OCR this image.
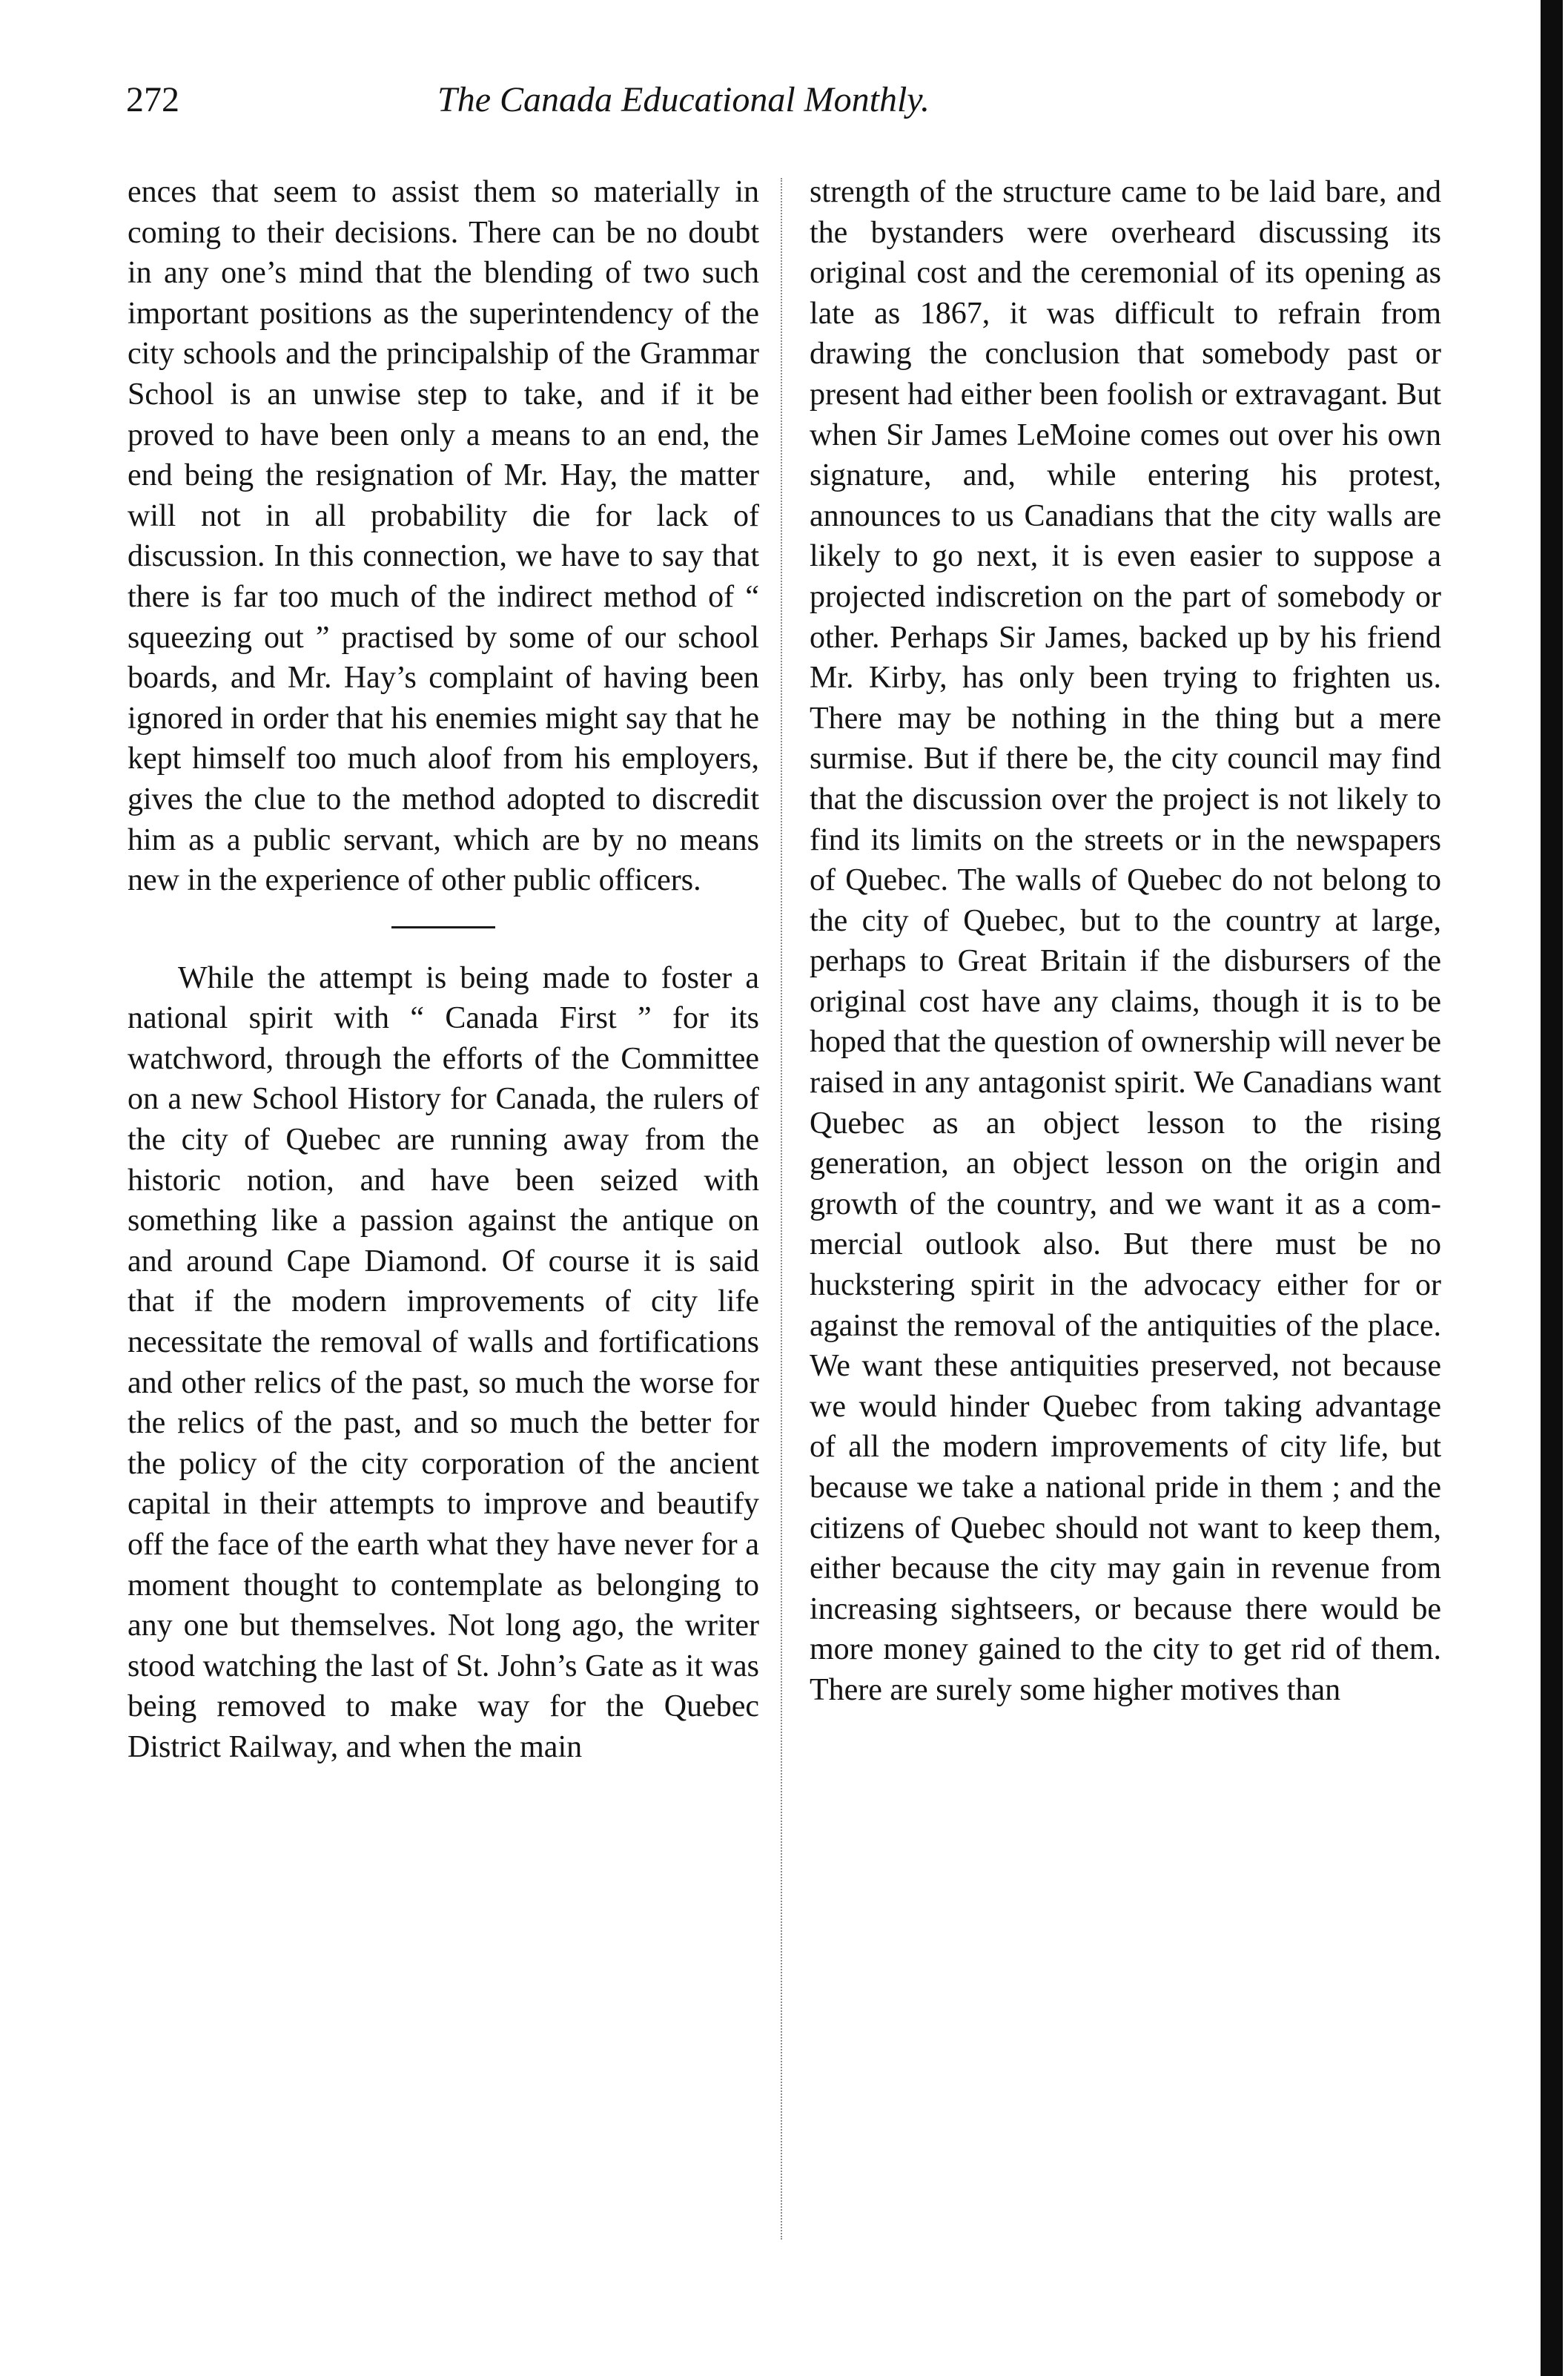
272	The Canada Educational Monthly.

ences that seem to assist them so materially in coming to their decisions. There can be no doubt in any one’s mind that the blending of two such important positions as the superintendency of the city schools and the principalship of the Grammar School is an unwise step to take, and if it be proved to have been only a means to an end, the end being the resignation of Mr. Hay, the matter will not in all probability die for lack of discussion. In this connection, we have to say that there is far too much of the indirect method of “ squeezing out ” practised by some of our school boards, and Mr. Hay’s complaint of having been ignored in order that his enemies might say that he kept himself too much aloof from his employers, gives the clue to the method adopted to discredit him as a public servant, which are by no means new in the experience of other public officers.

While the attempt is being made to foster a national spirit with “ Canada First ” for its watchword, through the efforts of the Committee on a new School History for Canada, the rulers of the city of Quebec are running away from the historic notion, and have been seized with something like a passion against the antique on and around Cape Diamond. Of course it is said that if the modern improvements of city life necessitate the removal of walls and fortifications and other relics of the past, so much the worse for the relics of the past, and so much the better for the policy of the city corporation of the ancient capital in their attempts to improve and beautify off the face of the earth what they have never for a moment thought to contemplate as belonging to any one but themselves. Not long ago, the writer stood watching the last of St. John’s Gate as it was being removed to make way for the Quebec District Railway, and when the main

strength of the structure came to be laid bare, and the bystanders were overheard discussing its original cost and the ceremonial of its opening as late as 1867, it was difficult to refrain from drawing the conclusion that somebody past or present had either been foolish or extravagant. But when Sir James LeMoine comes out over his own signature, and, while entering his protest, announces to us Canadians that the city walls are likely to go next, it is even easier to suppose a projected indiscretion on the part of somebody or other. Perhaps Sir James, backed up by his friend Mr. Kirby, has only been trying to frighten us. There may be nothing in the thing but a mere surmise. But if there be, the city council may find that the discussion over the project is not likely to find its limits on the streets or in the newspapers of Quebec. The walls of Quebec do not belong to the city of Quebec, but to the country at large, perhaps to Great Britain if the disbursers of the original cost have any claims, though it is to be hoped that the question of ownership will never be raised in any antagonist spirit. We Canadians want Quebec as an object lesson to the rising generation, an object lesson on the origin and growth of the country, and we want it as a commercial outlook also. But there must be no huckstering spirit in the advocacy either for or against the removal of the antiquities of the place. We want these antiquities preserved, not because we would hinder Quebec from taking advantage of all the modern improvements of city life, but because we take a national pride in them ; and the citizens of Quebec should not want to keep them, either because the city may gain in revenue from increasing sightseers, or because there would be more money gained to the city to get rid of them. There are surely some higher motives than
